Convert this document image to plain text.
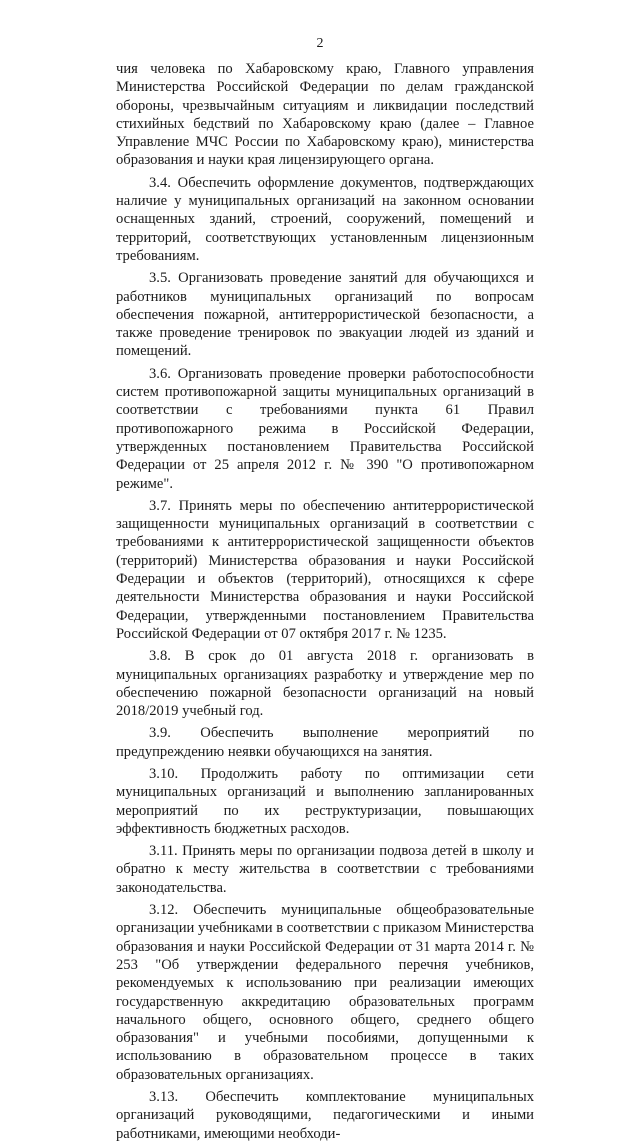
2

чия человека по Хабаровскому краю, Главного управления Министерства Российской Федерации по делам гражданской обороны, чрезвычайным ситуациям и ликвидации последствий стихийных бедствий по Хабаровскому краю (далее – Главное Управление МЧС России по Хабаровскому краю), министерства образования и науки края лицензирующего органа.

3.4. Обеспечить оформление документов, подтверждающих наличие у муниципальных организаций на законном основании оснащенных зданий, строений, сооружений, помещений и территорий, соответствующих установленным лицензионным требованиям.

3.5. Организовать проведение занятий для обучающихся и работников муниципальных организаций по вопросам обеспечения пожарной, антитеррористической безопасности, а также проведение тренировок по эвакуации людей из зданий и помещений.

3.6. Организовать проведение проверки работоспособности систем противопожарной защиты муниципальных организаций в соответствии с требованиями пункта 61 Правил противопожарного режима в Российской Федерации, утвержденных постановлением Правительства Российской Федерации от 25 апреля 2012 г. № 390 "О противопожарном режиме".

3.7. Принять меры по обеспечению антитеррористической защищенности муниципальных организаций в соответствии с требованиями к антитеррористической защищенности объектов (территорий) Министерства образования и науки Российской Федерации и объектов (территорий), относящихся к сфере деятельности Министерства образования и науки Российской Федерации, утвержденными постановлением Правительства Российской Федерации от 07 октября 2017 г. № 1235.

3.8. В срок до 01 августа 2018 г. организовать в муниципальных организациях разработку и утверждение мер по обеспечению пожарной безопасности организаций на новый 2018/2019 учебный год.

3.9. Обеспечить выполнение мероприятий по предупреждению неявки обучающихся на занятия.

3.10. Продолжить работу по оптимизации сети муниципальных организаций и выполнению запланированных мероприятий по их реструктуризации, повышающих эффективность бюджетных расходов.

3.11. Принять меры по организации подвоза детей в школу и обратно к месту жительства в соответствии с требованиями законодательства.

3.12. Обеспечить муниципальные общеобразовательные организации учебниками в соответствии с приказом Министерства образования и науки Российской Федерации от 31 марта 2014 г. № 253 "Об утверждении федерального перечня учебников, рекомендуемых к использованию при реализации имеющих государственную аккредитацию образовательных программ начального общего, основного общего, среднего общего образования" и учебными пособиями, допущенными к использованию в образовательном процессе в таких образовательных организациях.

3.13. Обеспечить комплектование муниципальных организаций руководящими, педагогическими и иными работниками, имеющими необходи-
